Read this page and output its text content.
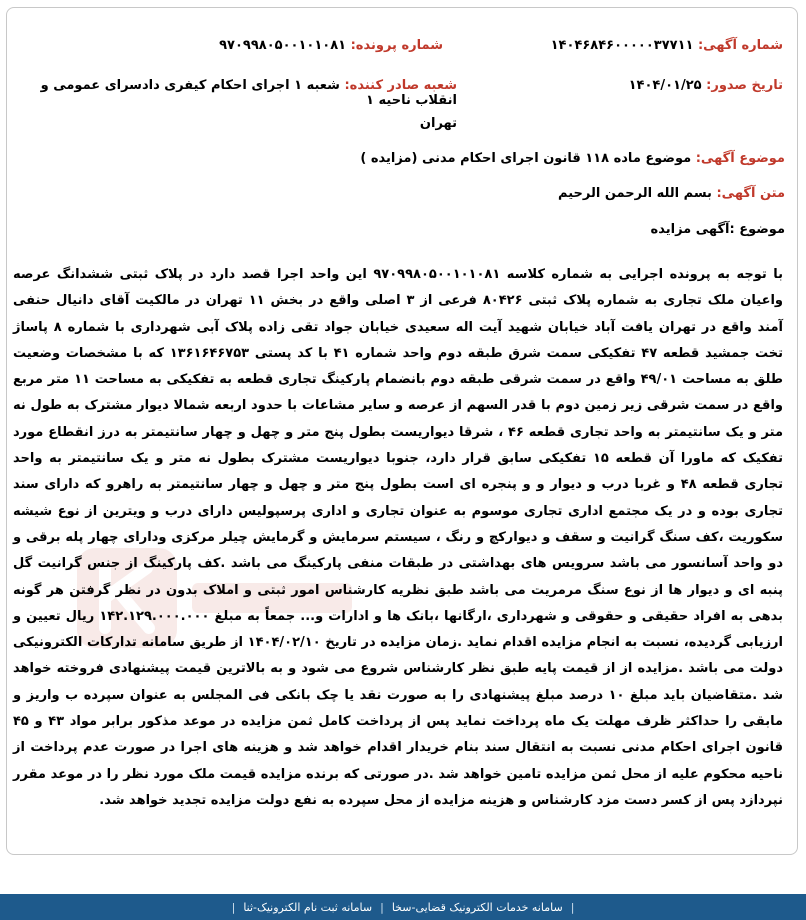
شماره آگهی: ۱۴۰۴۶۸۴۶۰۰۰۰۰۳۷۷۱۱
شماره پرونده: ۹۷۰۹۹۸۰۵۰۰۱۰۱۰۸۱
تاریخ صدور: ۱۴۰۴/۰۱/۲۵
شعبه صادر کننده: شعبه ۱ اجرای احکام کیفری دادسرای عمومی و انقلاب ناحیه ۱
تهران
موضوع آگهی: موضوع ماده ۱۱۸ قانون اجرای احکام مدنی (مزایده )
متن آگهی: بسم الله الرحمن الرحیم
موضوع :آگهی مزایده
با توجه به پرونده اجرایی به شماره کلاسه ۹۷۰۹۹۸۰۵۰۰۱۰۱۰۸۱ این واحد اجرا قصد دارد در پلاک ثبتی ششدانگ عرصه واعیان ملک تجاری به شماره پلاک ثبتی ۸۰۴۲۶ فرعی از ۳ اصلی واقع در بخش ۱۱ تهران در مالکیت آقای دانیال حنفی آمند واقع در تهران یافت آباد خیابان شهید آیت اله سعیدی خیابان جواد تقی زاده پلاک آبی شهرداری با شماره ۸ پاساژ تخت جمشید قطعه ۴۷ تفکیکی سمت شرق طبقه دوم واحد شماره ۴۱ با کد پستی ۱۳۶۱۶۴۶۷۵۳ که با مشخصات وضعیت طلق به مساحت ۴۹/۰۱ واقع در سمت شرقی طبقه دوم بانضمام پارکینگ تجاری قطعه به تفکیکی به مساحت ۱۱ متر مربع واقع در سمت شرقی زیر زمین دوم با قدر السهم از عرصه و سایر مشاعات با حدود اربعه شمالا دیوار مشترک به طول نه متر و یک سانتیمتر به واحد تجاری قطعه ۴۶ ، شرقا دیواریست بطول پنج متر و چهل و چهار سانتیمتر به درز انقطاع مورد تفکیک که ماورا آن قطعه ۱۵ تفکیکی سابق قرار دارد، جنوبا دیواریست مشترک بطول نه متر و یک سانتیمتر به واحد تجاری قطعه ۴۸ و غربا درب و دیوار و و پنجره ای است بطول پنج متر و چهل و چهار سانتیمتر به راهرو که دارای سند تجاری بوده و در یک مجتمع اداری تجاری موسوم به عنوان تجاری و اداری پرسپولیس دارای درب و ویترین از نوع شیشه سکوریت ،کف سنگ گرانیت و سقف و دیوارکچ و رنگ ، سیستم سرمایش و گرمایش چیلر مرکزی ودارای چهار پله برقی و دو واحد آسانسور می باشد سرویس های بهداشتی در طبقات منفی پارکینگ می باشد .کف پارکینگ از جنس گرانیت گل پنبه ای و دیوار ها از نوع سنگ مرمریت می باشد طبق نظریه کارشناس امور ثبتی و املاک بدون در نظر گرفتن هر گونه بدهی به افراد حقیقی و حقوقی و شهرداری ،ارگانها ،بانک ها و ادارات و... جمعاً به مبلغ ۱۴۲.۱۲۹.۰۰۰.۰۰۰ ریال تعیین و ارزیابی گردیده، نسبت به انجام مزایده اقدام نماید .زمان مزایده در تاریخ ۱۴۰۴/۰۲/۱۰ از طریق سامانه تدارکات الکترونیکی دولت می باشد .مزایده از از قیمت پایه طبق نظر کارشناس شروع می شود و به بالاترین قیمت پیشنهادی فروخته خواهد شد .متقاضیان باید مبلغ ۱۰ درصد مبلغ پیشنهادی را به صورت نقد یا چک بانکی فی المجلس به عنوان سپرده ب واریز و مابقی را حداکثر ظرف مهلت یک ماه پرداخت نماید پس از پرداخت کامل ثمن مزایده در موعد مذکور برابر مواد ۴۳ و ۴۵ قانون اجرای احکام مدنی نسبت به انتقال سند بنام خریدار اقدام خواهد شد و هزینه های اجرا در صورت عدم پرداخت از ناحیه محکوم علیه از محل ثمن مزایده تامین خواهد شد .در صورتی که برنده مزایده قیمت ملک مورد نظر را در موعد مقرر نپردازد پس از کسر دست مزد کارشناس و هزینه مزایده از محل سپرده به نفع دولت مزایده تجدید خواهد شد.
|
سامانه خدمات الکترونیک قضایی-سخا
|
سامانه ثبت نام الکترونیک-ثنا
|
